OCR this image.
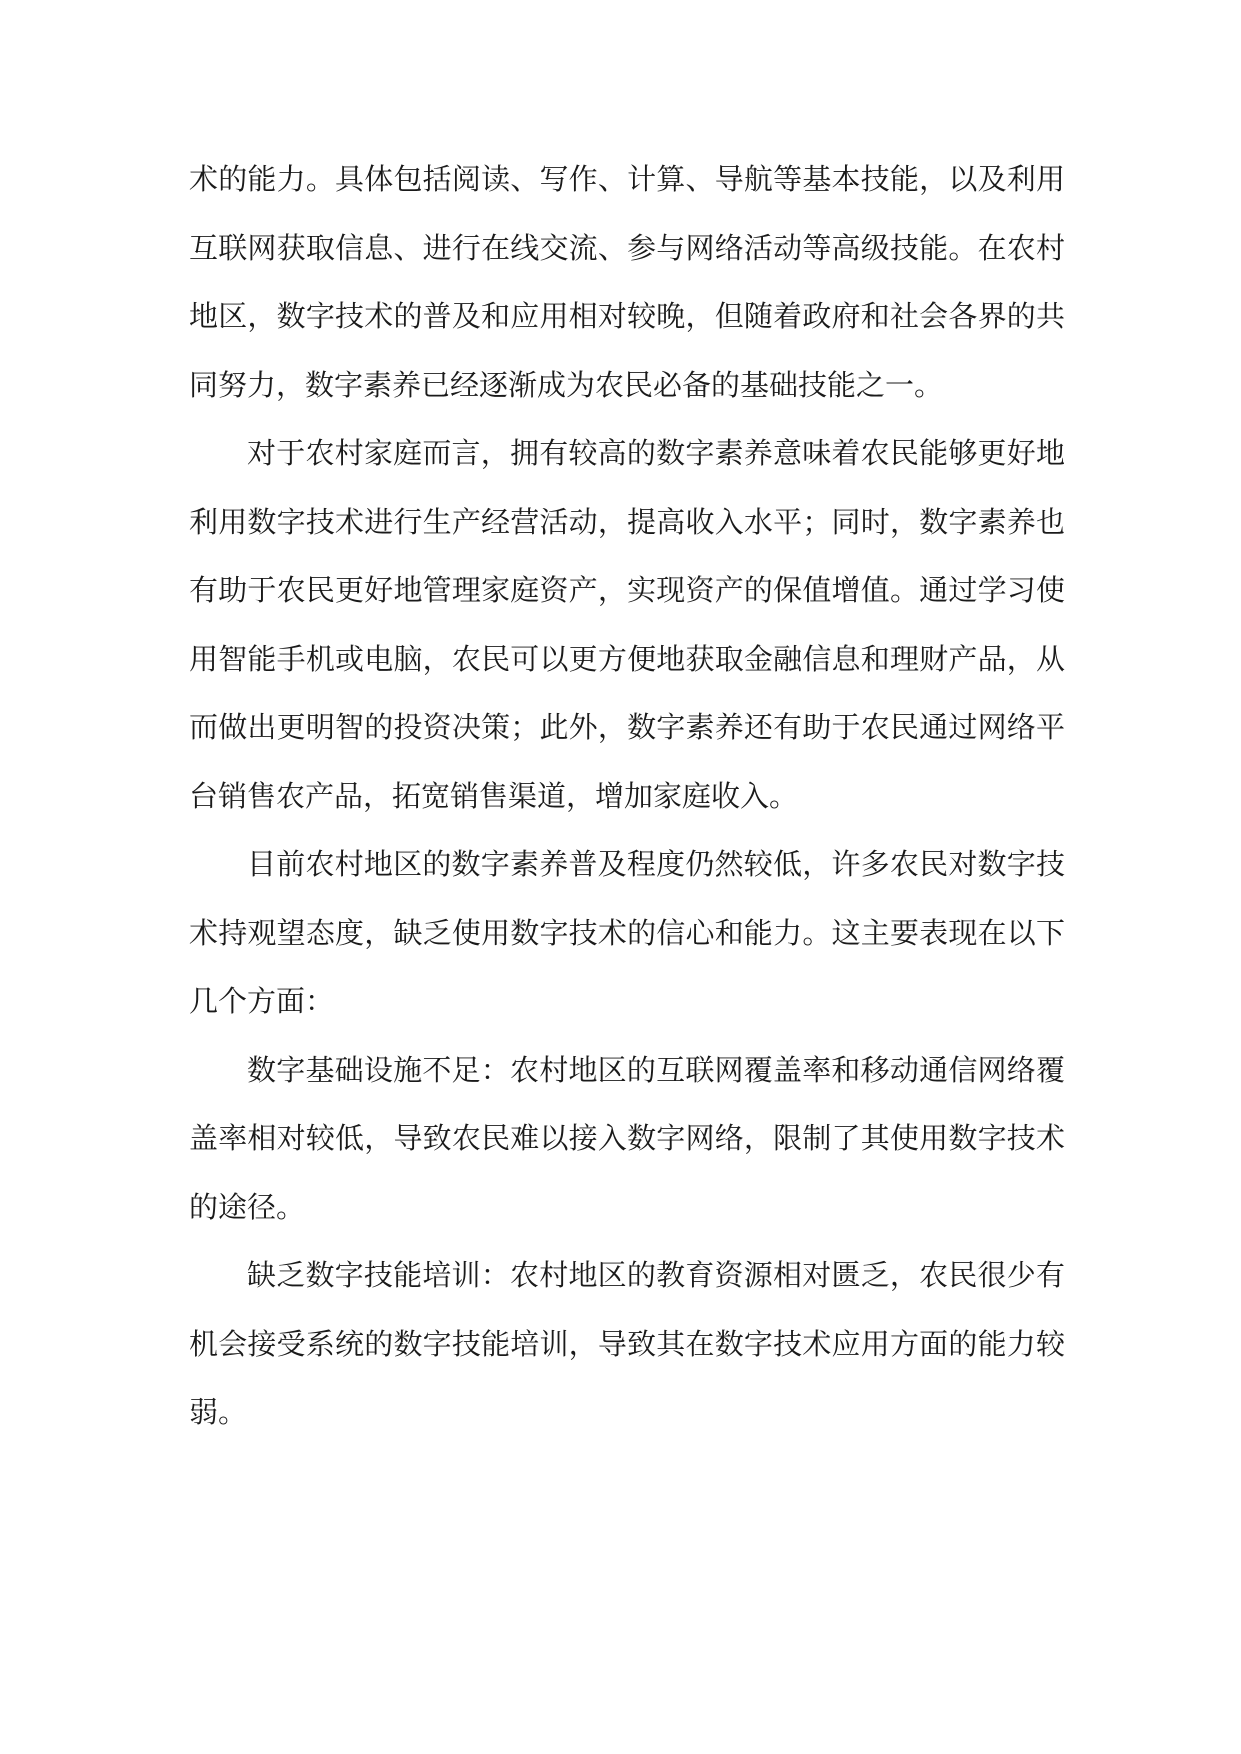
术的能力。具体包括阅读、写作、计算、导航等基本技能，以及利用互联网获取信息、进行在线交流、参与网络活动等高级技能。在农村地区，数字技术的普及和应用相对较晚，但随着政府和社会各界的共同努力，数字素养已经逐渐成为农民必备的基础技能之一。

对于农村家庭而言，拥有较高的数字素养意味着农民能够更好地利用数字技术进行生产经营活动，提高收入水平；同时，数字素养也有助于农民更好地管理家庭资产，实现资产的保值增值。通过学习使用智能手机或电脑，农民可以更方便地获取金融信息和理财产品，从而做出更明智的投资决策；此外，数字素养还有助于农民通过网络平台销售农产品，拓宽销售渠道，增加家庭收入。

目前农村地区的数字素养普及程度仍然较低，许多农民对数字技术持观望态度，缺乏使用数字技术的信心和能力。这主要表现在以下几个方面：

数字基础设施不足：农村地区的互联网覆盖率和移动通信网络覆盖率相对较低，导致农民难以接入数字网络，限制了其使用数字技术的途径。

缺乏数字技能培训：农村地区的教育资源相对匮乏，农民很少有机会接受系统的数字技能培训，导致其在数字技术应用方面的能力较弱。
